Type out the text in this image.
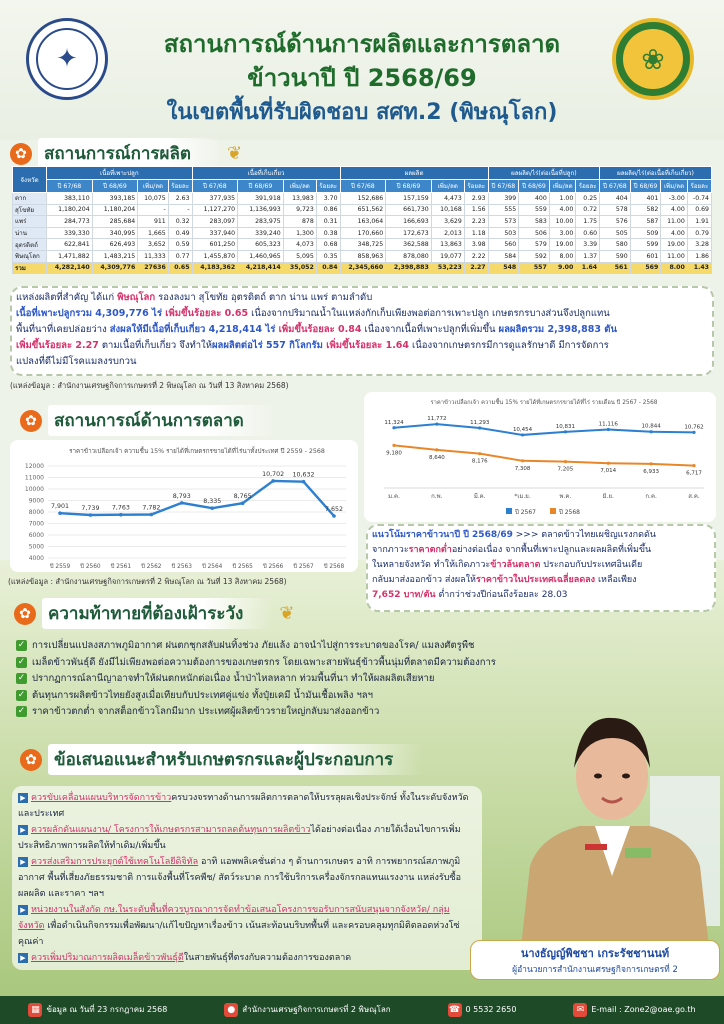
✦	❀
สถานการณ์ด้านการผลิตและการตลาด
ข้าวนาปี ปี 2568/69
ในเขตพื้นที่รับผิดชอบ สศท.2 (พิษณุโลก)
✿	สถานการณ์การผลิต	❦
จังหวัด	เนื้อที่เพาะปลูก				เนื้อที่เก็บเกี่ยว				ผลผลิต				ผลผลิต/ไร่(ต่อเนื้อที่ปลูก)				ผลผลิต/ไร่(ต่อเนื้อที่เก็บเกี่ยว)			
	ปี 67/68	ปี 68/69	เพิ่ม/ลด	ร้อยละ	ปี 67/68	ปี 68/69	เพิ่ม/ลด	ร้อยละ	ปี 67/68	ปี 68/69	เพิ่ม/ลด	ร้อยละ	ปี 67/68	ปี 68/69	เพิ่ม/ลด	ร้อยละ	ปี 67/68	ปี 68/69	เพิ่ม/ลด	ร้อยละ
ตาก	383,110	393,185	10,075	2.63	377,935	391,918	13,983	3.70	152,686	157,159	4,473	2.93	399	400	1.00	0.25	404	401	-3.00	-0.74
สุโขทัย	1,180,204	1,180,204	-	-	1,127,270	1,136,993	9,723	0.86	651,562	661,730	10,168	1.56	555	559	4.00	0.72	578	582	4.00	0.69
แพร่	284,773	285,684	911	0.32	283,097	283,975	878	0.31	163,064	166,693	3,629	2.23	573	583	10.00	1.75	576	587	11.00	1.91
น่าน	339,330	340,995	1,665	0.49	337,940	339,240	1,300	0.38	170,660	172,673	2,013	1.18	503	506	3.00	0.60	505	509	4.00	0.79
อุตรดิตถ์	622,841	626,493	3,652	0.59	601,250	605,323	4,073	0.68	348,725	362,588	13,863	3.98	560	579	19.00	3.39	580	599	19.00	3.28
พิษณุโลก	1,471,882	1,483,215	11,333	0.77	1,455,870	1,460,965	5,095	0.35	858,963	878,080	19,077	2.22	584	592	8.00	1.37	590	601	11.00	1.86
รวม	4,282,140	4,309,776	27636	0.65	4,183,362	4,218,414	35,052	0.84	2,345,660	2,398,883	53,223	2.27	548	557	9.00	1.64	561	569	8.00	1.43
แหล่งผลิตที่สำคัญ ได้แก่ พิษณุโลก รองลงมา สุโขทัย อุตรดิตถ์ ตาก น่าน แพร่ ตามลำดับ
เนื้อที่เพาะปลูกรวม 4,309,776 ไร่ เพิ่มขึ้นร้อยละ 0.65 เนื่องจากปริมาณน้ำในแหล่งกักเก็บเพียงพอต่อการเพาะปลูก เกษตรกรบางส่วนจึงปลูกแทน
พื้นที่นาที่เคยปล่อยว่าง ส่งผลให้มีเนื้อที่เก็บเกี่ยว 4,218,414 ไร่ เพิ่มขึ้นร้อยละ 0.84 เนื่องจากเนื้อที่เพาะปลูกที่เพิ่มขึ้น ผลผลิตรวม 2,398,883 ตัน
เพิ่มขึ้นร้อยละ 2.27 ตามเนื้อที่เก็บเกี่ยว จึงทำให้ผลผลิตต่อไร่ 557 กิโลกรัม เพิ่มขึ้นร้อยละ 1.64 เนื่องจากเกษตรกรมีการดูแลรักษาดี มีการจัดการ
แปลงที่ดีไม่มีโรคแมลงรบกวน
(แหล่งข้อมูล : สำนักงานเศรษฐกิจการเกษตรที่ 2 พิษณุโลก ณ วันที่ 13 สิงหาคม 2568)
✿	สถานการณ์ด้านการตลาด
ราคาข้าวเปลือกเจ้า ความชื้น 15% รายได้ที่เกษตรกรขายได้ที่ไร่นาทั้งประเทศ ปี 2559 - 2568
12000
11000
10000
9000
8000
7000
6000
5000
4000
7,901
ปี 2559
7,739
ปี 2560
7,763
ปี 2561
7,782
ปี 2562
8,793
ปี 2563
8,335
ปี 2564
8,765
ปี 2565
10,702
ปี 2566
10,632
ปี 2567
7,652
ปี 2568
(แหล่งข้อมูล : สำนักงานเศรษฐกิจการเกษตรที่ 2 พิษณุโลก ณ วันที่ 13 สิงหาคม 2568)
ราคาข้าวเปลือกเจ้า ความชื้น 15% รายได้ที่เกษตรกรขายได้ที่ไร่ รายเดือน ปี 2567 - 2568
11,324
11,772
11,293
10,454
10,831	11,116	10,844	10,762
9,180
8,640
8,176
7,308	7,205	7,014	6,933	6,717
ม.ค.	ก.พ.	มี.ค.	*เม.ย.	พ.ค.	มิ.ย.	ก.ค.	ส.ค.
ปี 2567	ปี 2568
แนวโน้มราคาข้าวนาปี ปี 2568/69 >>> ตลาดข้าวไทยเผชิญแรงกดดัน
จากภาวะราคาตกต่ำอย่างต่อเนื่อง จากพื้นที่เพาะปลูกและผลผลิตที่เพิ่มขึ้น
ในหลายจังหวัด ทำให้เกิดภาวะข้าวล้นตลาด ประกอบกับประเทศอินเดีย
กลับมาส่งออกข้าว ส่งผลให้ราคาข้าวในประเทศเฉลี่ยลดลง เหลือเพียง
7,652 บาท/ตัน ต่ำกว่าช่วงปีก่อนถึงร้อยละ 28.03
✿	ความท้าทายที่ต้องเฝ้าระวัง	❦
✓ การเปลี่ยนแปลงสภาพภูมิอากาศ ฝนตกชุกสลับฝนทิ้งช่วง ภัยแล้ง อาจนำไปสู่การระบาดของโรค/ แมลงศัตรูพืช
✓ เมล็ดข้าวพันธุ์ดี ยังมีไม่เพียงพอต่อความต้องการของเกษตรกร โดยเฉพาะสายพันธุ์ข้าวพื้นนุ่มที่ตลาดมีความต้องการ
✓ ปรากฏการณ์ลานีญาอาจทำให้ฝนตกหนักต่อเนื่อง น้ำป่าไหลหลาก ท่วมพื้นที่นา ทำให้ผลผลิตเสียหาย
✓ ต้นทุนการผลิตข้าวไทยยังสูงเมื่อเทียบกับประเทศคู่แข่ง ทั้งปุ๋ยเคมี น้ำมันเชื้อเพลิง ฯลฯ
✓ ราคาข้าวตกต่ำ จากสต็อกข้าวโลกมีมาก ประเทศผู้ผลิตข้าวรายใหญ่กลับมาส่งออกข้าว
✿	ข้อเสนอแนะสำหรับเกษตรกรและผู้ประกอบการ
▶ ควรขับเคลื่อนแผนบริหารจัดการข้าวครบวงจรทางด้านการผลิตการตลาดให้บรรลุผลเชิงประจักษ์ ทั้งในระดับจังหวัด และประเทศ
▶ ควรผลักดันแผนงาน/ โครงการให้เกษตรกรสามารถลดต้นทุนการผลิตข้าวได้อย่างต่อเนื่อง ภายใต้เงื่อนไขการเพิ่มประสิทธิภาพการผลิตให้ทำเดิม/เพิ่มขึ้น
▶ ควรส่งเสริมการประยุกต์ใช้เทคโนโลยีดิจิทัล อาทิ แอพพลิเคชั่นต่าง ๆ ด้านการเกษตร อาทิ การพยากรณ์สภาพภูมิอากาศ พื้นที่เสี่ยงภัยธรรมชาติ การแจ้งพื้นที่โรคพืช/ สัตว์ระบาด การใช้บริการเครื่องจักรกลแทนแรงงาน แหล่งรับซื้อผลผลิต และราคา ฯลฯ
▶ หน่วยงานในสังกัด กษ.ในระดับพื้นที่ควรบูรณาการจัดทำข้อเสนอโครงการขอรับการสนับสนุนจากจังหวัด/ กลุ่มจังหวัด เพื่อดำเนินกิจกรรมเพื่อพัฒนา/แก้ไขปัญหาเรื่องข้าว เน้นสะท้อนบริบทพื้นที่ และครอบคลุมทุกมิติตลอดห่วงโซ่คุณค่า
▶ ควรเพิ่มปริมาณการผลิตเมล็ดข้าวพันธุ์ดีในสายพันธุ์ที่ตรงกับความต้องการของตลาด	นางธัญญ์พิชชา เกระรัชชานนท์
ผู้อำนวยการสำนักงานเศรษฐกิจการเกษตรที่ 2
▦ ข้อมูล ณ วันที่ 23 กรกฎาคม 2568	● สำนักงานเศรษฐกิจการเกษตรที่ 2 พิษณุโลก	☎ 0 5532 2650	✉ E-mail : Zone2@oae.go.th
